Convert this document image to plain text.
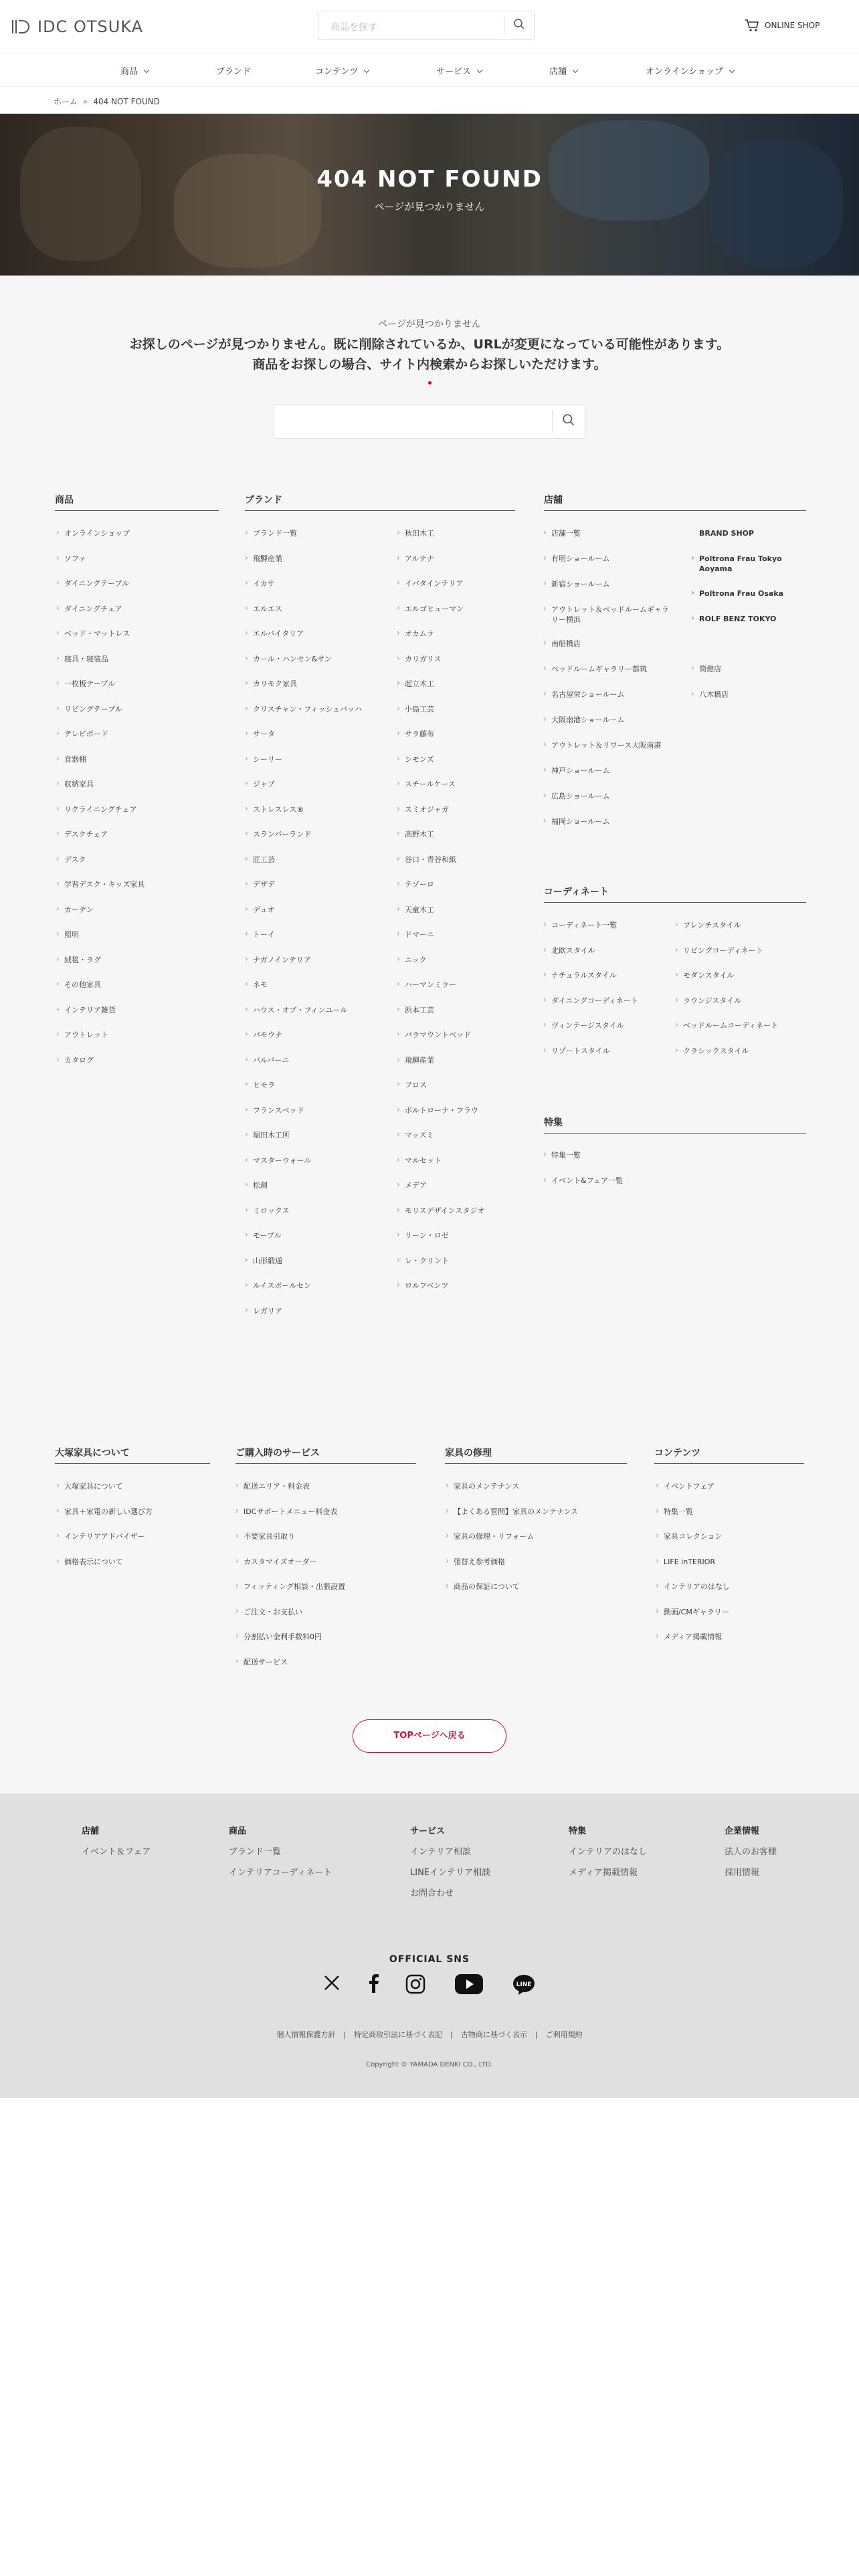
IDC OTSUKA	商品を探す	ONLINE SHOP
商品	ブランド	コンテンツ	サービス	店舗	オンラインショップ
ホーム » 404 NOT FOUND
404 NOT FOUND

ページが見つかりません

ページが見つかりません
お探しのページが見つかりません。既に削除されているか、URLが変更になっている可能性があります。
商品をお探しの場合、サイト内検索からお探しいただけます。
商品	ブランド	店舗
コーディネート
特集
大塚家具について	ご購入時のサービス	家具の修理	コンテンツ
› オンラインショップ
› ソファ
› ダイニングテーブル
› ダイニングチェア
› ベッド・マットレス
› 寝具・寝装品
› 一枚板テーブル
› リビングテーブル
› テレビボード
› 食器棚
› 収納家具
› リクライニングチェア
› デスクチェア
› デスク
› 学習デスク・キッズ家具
› カーテン
› 照明
› 絨毯・ラグ
› その他家具
› インテリア雑貨
› アウトレット
› カタログ
› ブランド一覧
› 飛騨産業
› イカサ
› エルエス
› エルバイタリア
› カール・ハンセン&サン
› カリモク家具
› クリスチャン・フィッシュバッハ
› サータ
› シーリー
› ジャブ
› ストレスレス®
› スランバーランド
› 匠工芸
› デザデ
› デュオ
› トーイ
› ナガノインテリア
› ネモ
› ハウス・オブ・フィンユール
› パモウナ
› バルバーニ
› ヒモラ
› フランスベッド
› 堀田木工所
› マスターウォール
› 松創
› ミロックス
› モーブル
› 山形緞通
› ルイスポールセン
› レガリア
› 秋田木工
› アルテナ
› イバタインテリア
› エルゴヒューマン
› オカムラ
› カリガリス
› 起立木工
› 小島工芸
› サラ藤布
› シモンズ
› スチールケース
› スミオジャガ
› 高野木工
› 谷口・青谷和紙
› テゾーロ
› 天童木工
› ドマーニ
› ニック
› ハーマンミラー
› 浜本工芸
› パラマウントベッド
› 飛騨産業
› フロス
› ポルトローナ・フラウ
› マッスミ
› マルセット
› メデア
› モリスデザインスタジオ
› リーン・ロゼ
› レ・クリント
› ロルフベンツ
› 店舗一覧
› 有明ショールーム
› 新宿ショールーム
› アウトレット＆ベッドルームギャラリー横浜
› 南船橋店
› ベッドルームギャラリー都筑
› 名古屋栄ショールーム
› 大阪南港ショールーム
› アウトレット＆リワース大阪南港
› 神戸ショールーム
› 広島ショールーム
› 福岡ショールーム
BRAND SHOP
› Poltrona Frau Tokyo Aoyama
› Poltrona Frau Osaka
› ROLF BENZ TOKYO
› 筒燈店
› 八木橋店
› コーディネート一覧
› 北欧スタイル
› ナチュラルスタイル
› ダイニングコーディネート
› ヴィンテージスタイル
› リゾートスタイル
› フレンチスタイル
› リビングコーディネート
› モダンスタイル
› ラウンジスタイル
› ベッドルームコーディネート
› クラシックスタイル
› 特集一覧
› イベント&フェア一覧
› 大塚家具について
› 家具＋家電の新しい選び方
› インテリアアドバイザー
› 価格表示について
› 配送エリア・料金表
› IDCサポートメニュー料金表
› 不要家具引取り
› カスタマイズオーダー
› フィッティング相談・出張設置
› ご注文・お支払い
› 分割払い金利手数料0円
› 配送サービス
› 家具のメンテナンス
› 【よくある質問】家具のメンテナンス
› 家具の修理・リフォーム
› 張替え参考価格
› 商品の保証について
› イベントフェア
› 特集一覧
› 家具コレクション
› LIFE inTERIOR
› インテリアのはなし
› 動画/CMギャラリー
› メディア掲載情報
TOPページへ戻る
店舗
イベント＆フェア
商品
ブランド一覧
インテリアコーディネート
サービス
インテリア相談
LINEインテリア相談
お問合わせ
特集
インテリアのはなし
メディア掲載情報
企業情報
法人のお客様
採用情報
OFFICIAL SNS
LINE
個人情報保護方針 | 特定商取引法に基づく表記 | 古物商に基づく表示 | ご利用規約
Copyright © YAMADA DENKI CO., LTD.
